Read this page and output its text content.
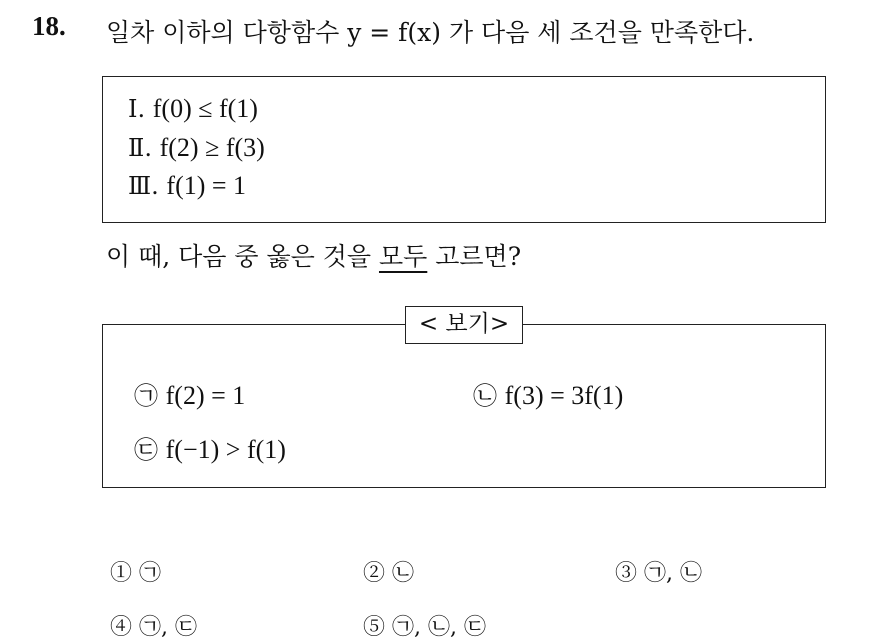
18. 일차 이하의 다항함수 y = f(x) 가 다음 세 조건을 만족한다.
Ⅰ. f(0) ≤ f(1)
Ⅱ. f(2) ≥ f(3)
Ⅲ. f(1) = 1
이 때, 다음 중 옳은 것을 모두 고르면?
< 보기>
㉠ f(2) = 1	㉡ f(3) = 3f(1)
㉢ f(−1) > f(1)
① ㉠	② ㉡	③ ㉠, ㉡
④ ㉠, ㉢	⑤ ㉠, ㉡, ㉢
